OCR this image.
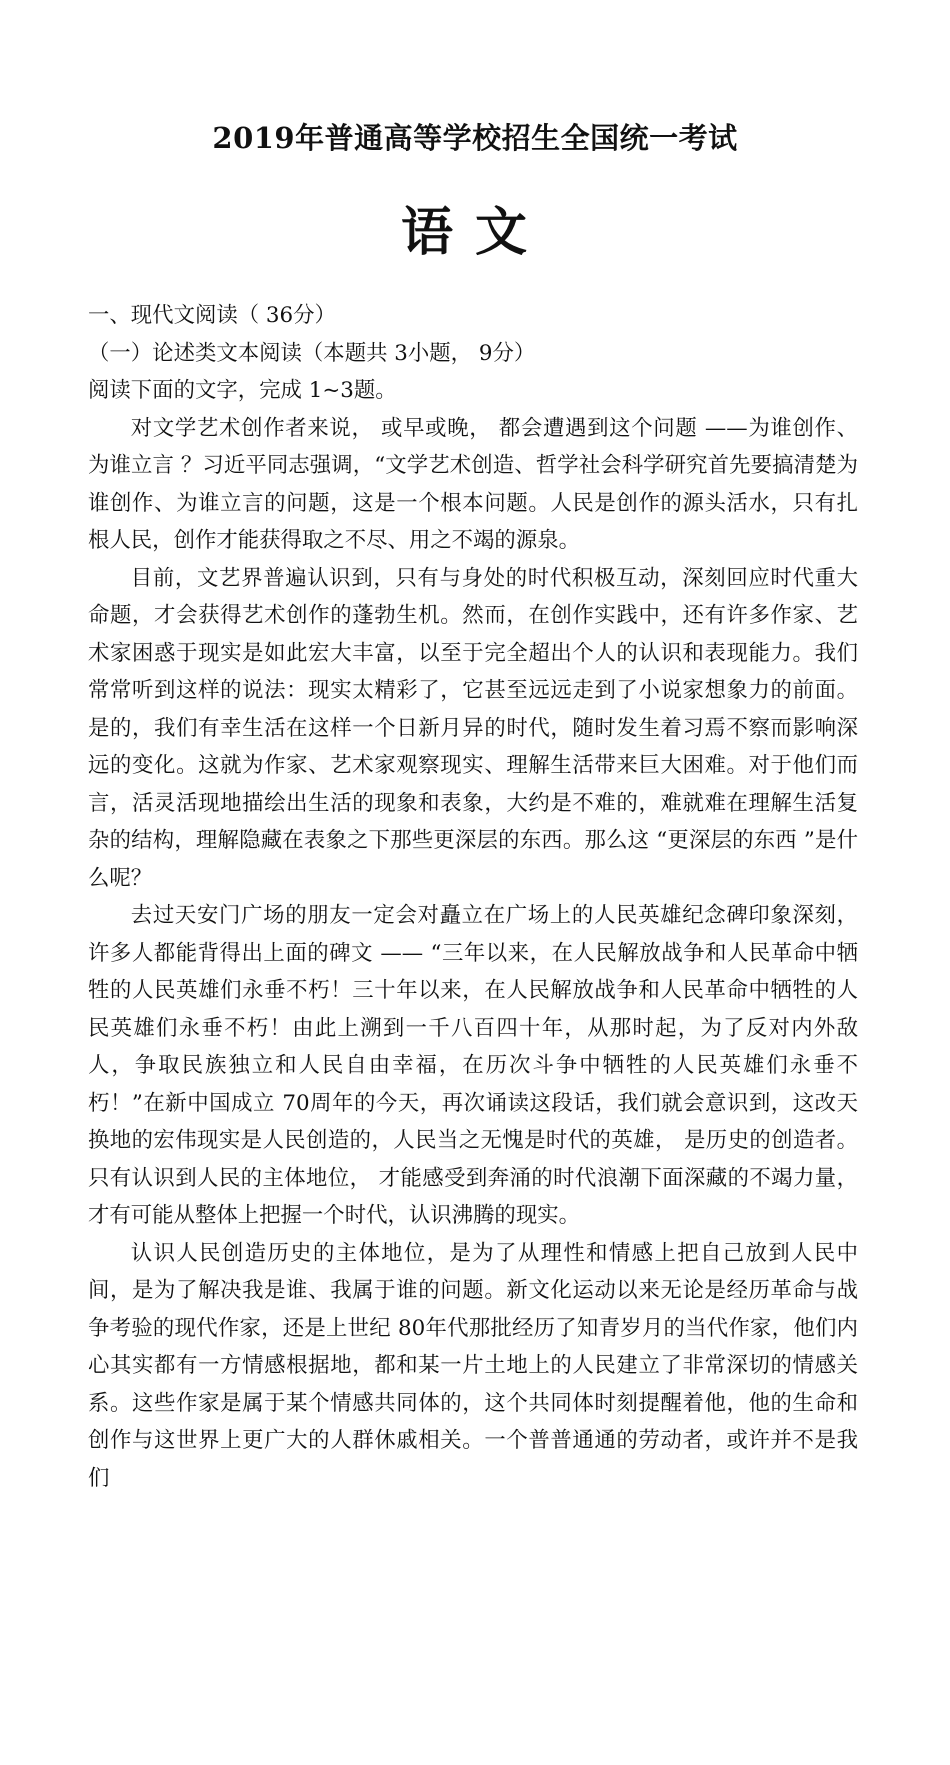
2019年普通高等学校招生全国统一考试
语文

一、现代文阅读（ 36分）

（一）论述类文本阅读（本题共 3小题， 9分）

阅读下面的文字，完成 1~3题。

对文学艺术创作者来说， 或早或晚， 都会遭遇到这个问题 ——为谁创作、 为谁立言 ？习近平同志强调，“文学艺术创造、哲学社会科学研究首先要搞清楚为谁创作、为谁立言的问题，这是一个根本问题。人民是创作的源头活水，只有扎根人民，创作才能获得取之不尽、用之不竭的源泉。

目前，文艺界普遍认识到，只有与身处的时代积极互动，深刻回应时代重大命题，才会获得艺术创作的蓬勃生机。然而，在创作实践中，还有许多作家、艺术家困惑于现实是如此宏大丰富，以至于完全超出个人的认识和表现能力。我们常常听到这样的说法：现实太精彩了，它甚至远远走到了小说家想象力的前面。是的，我们有幸生活在这样一个日新月异的时代，随时发生着习焉不察而影响深远的变化。这就为作家、艺术家观察现实、理解生活带来巨大困难。对于他们而言，活灵活现地描绘出生活的现象和表象，大约是不难的，难就难在理解生活复杂的结构，理解隐藏在表象之下那些更深层的东西。那么这 “更深层的东西 ”是什么呢？

去过天安门广场的朋友一定会对矗立在广场上的人民英雄纪念碑印象深刻，许多人都能背得出上面的碑文 —— “三年以来，在人民解放战争和人民革命中牺牲的人民英雄们永垂不朽！三十年以来，在人民解放战争和人民革命中牺牲的人民英雄们永垂不朽！由此上溯到一千八百四十年，从那时起，为了反对内外敌人，争取民族独立和人民自由幸福，在历次斗争中牺牲的人民英雄们永垂不朽！”在新中国成立 70周年的今天，再次诵读这段话，我们就会意识到，这改天换地的宏伟现实是人民创造的，人民当之无愧是时代的英雄， 是历史的创造者。 只有认识到人民的主体地位， 才能感受到奔涌的时代浪潮下面深藏的不竭力量，才有可能从整体上把握一个时代，认识沸腾的现实。

认识人民创造历史的主体地位，是为了从理性和情感上把自己放到人民中间，是为了解决我是谁、我属于谁的问题。新文化运动以来无论是经历革命与战争考验的现代作家，还是上世纪 80年代那批经历了知青岁月的当代作家，他们内心其实都有一方情感根据地，都和某一片土地上的人民建立了非常深切的情感关系。这些作家是属于某个情感共同体的，这个共同体时刻提醒着他，他的生命和创作与这世界上更广大的人群休戚相关。一个普普通通的劳动者，或许并不是我们
